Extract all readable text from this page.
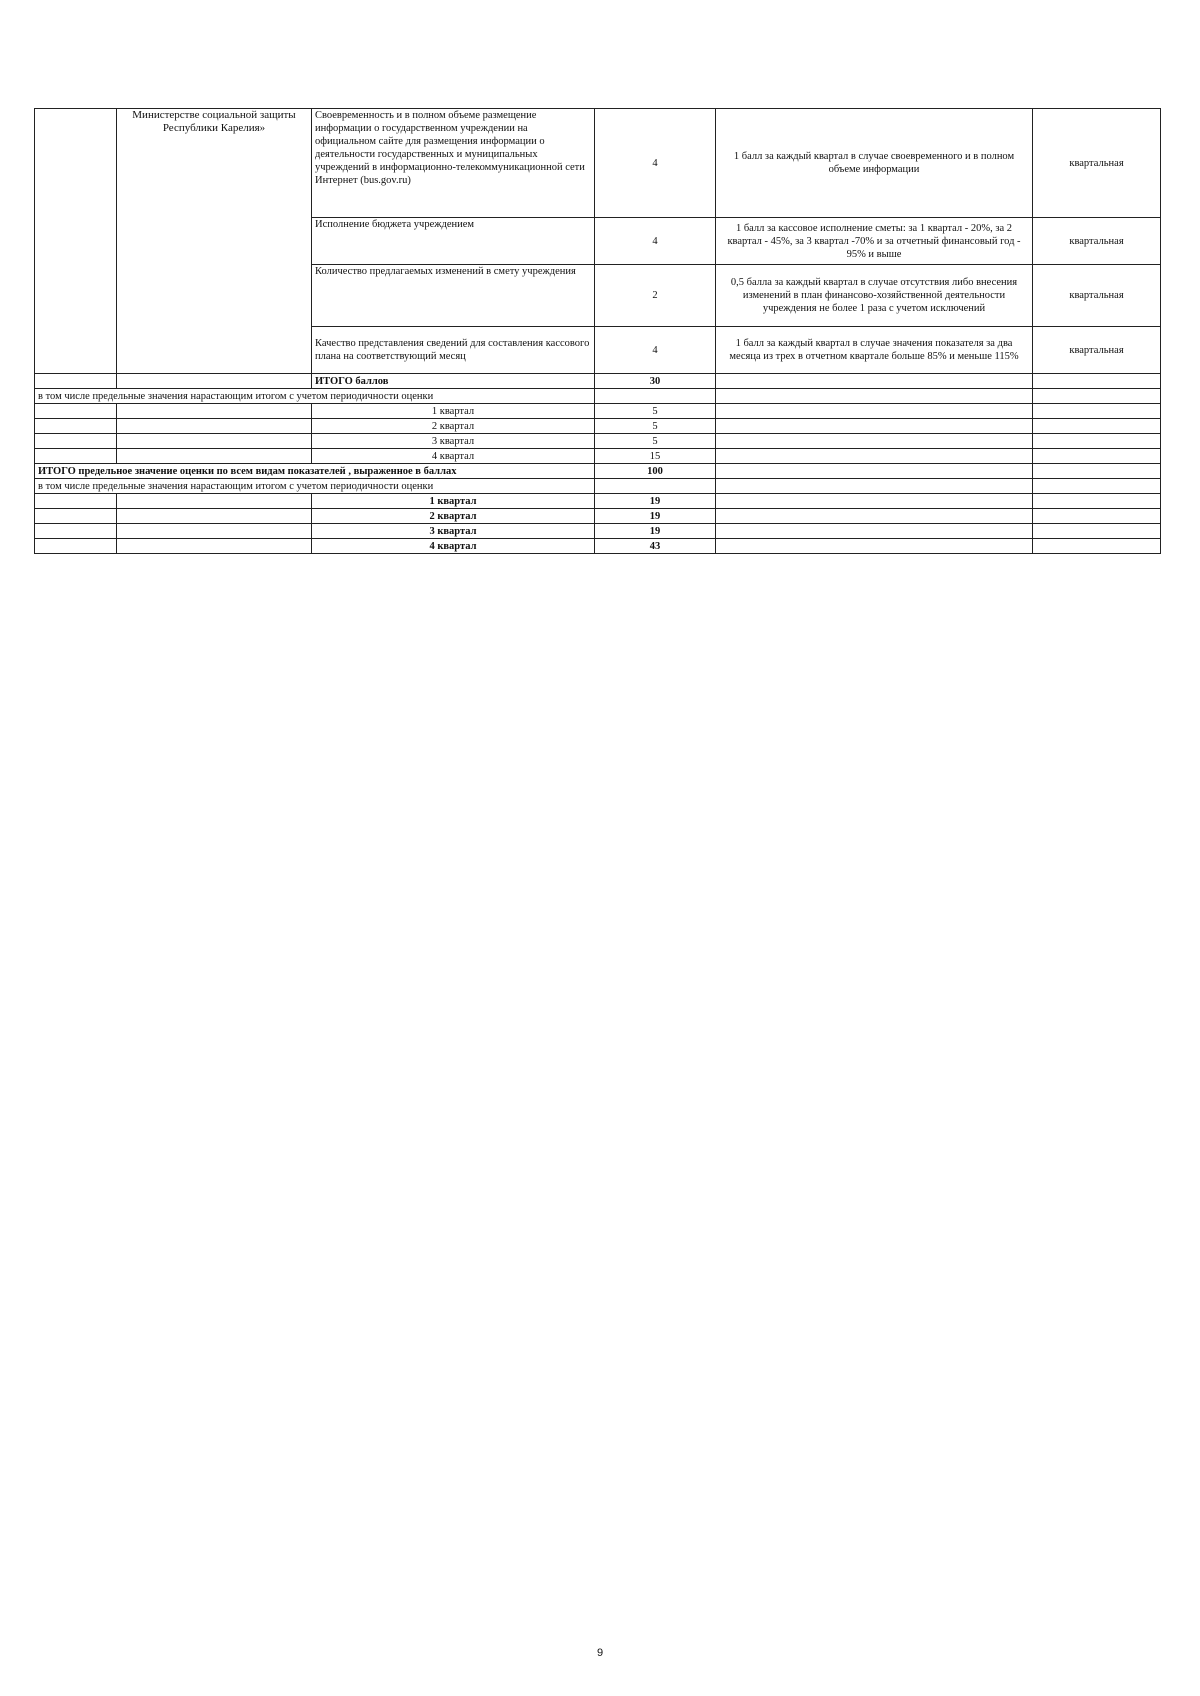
	Министерстве социальной защиты Республики Карелия»	Своевременность и в полном объеме размещение информации о государственном учреждении на официальном сайте для размещения информации о деятельности государственных и муниципальных учреждений в информационно-телекоммуникационной сети Интернет (bus.gov.ru)	4	1 балл за каждый квартал в случае своевременного и в полном объеме информации	квартальная
		Исполнение бюджета учреждением	4	1 балл за кассовое исполнение сметы: за 1 квартал - 20%, за 2 квартал - 45%, за 3 квартал -70% и за отчетный финансовый год - 95% и выше	квартальная
		Количество предлагаемых изменений в смету учреждения	2	0,5 балла за каждый квартал в случае отсутствия либо внесения изменений в план финансово-хозяйственной деятельности учреждения не более 1 раза с учетом исключений	квартальная
		Качество представления сведений для составления кассового плана на соответствующий месяц	4	1 балл за каждый квартал в случае значения показателя за два месяца из трех в отчетном квартале больше 85% и меньше 115%	квартальная
		ИТОГО баллов	30		
в том числе предельные значения нарастающим итогом с учетом периодичности оценки					
		1 квартал	5		
		2 квартал	5		
		3 квартал	5		
		4 квартал	15		
ИТОГО предельное значение оценки по всем видам показателей , выраженное в баллах			100		
в том числе предельные значения нарастающим итогом с учетом периодичности оценки					
		1 квартал	19		
		2 квартал	19		
		3 квартал	19		
		4 квартал	43		
9
